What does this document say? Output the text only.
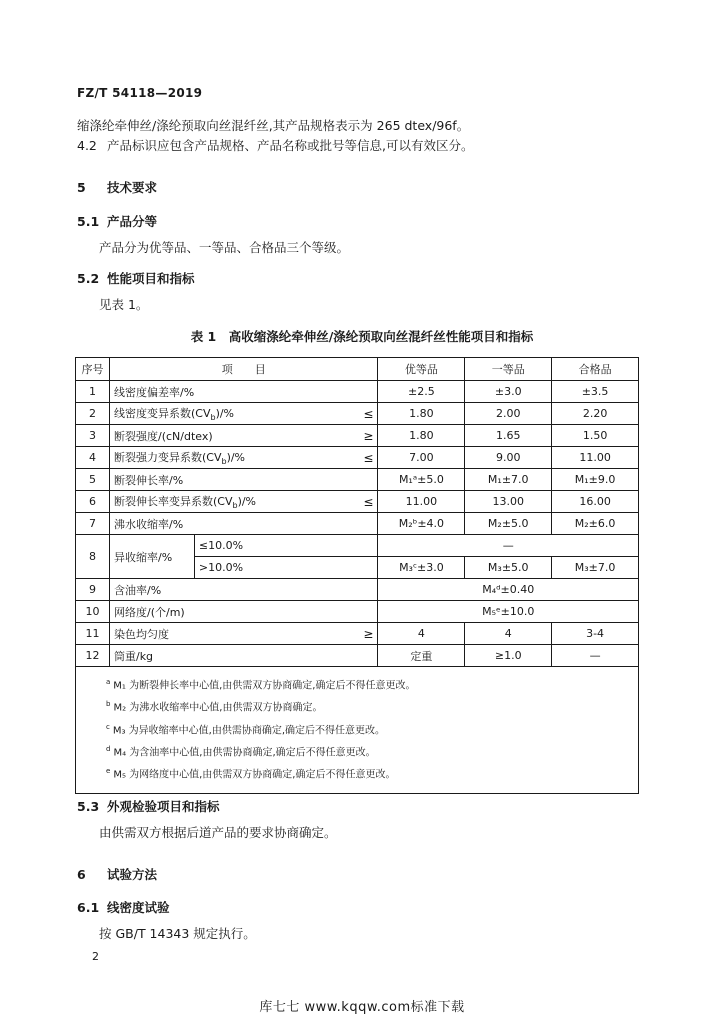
FZ/T 54118—2019
缩涤纶牵伸丝/涤纶预取向丝混纤丝,其产品规格表示为 265 dtex/96f。
4.2 产品标识应包含产品规格、产品名称或批号等信息,可以有效区分。
5 技术要求
5.1 产品分等
产品分为优等品、一等品、合格品三个等级。
5.2 性能项目和指标
见表 1。
表 1　高收缩涤纶牵伸丝/涤纶预取向丝混纤丝性能项目和指标
序号	项　　目		优等品	一等品	合格品
1	线密度偏差率/%		±2.5	±3.0	±3.5
2	线密度变异系数$(CV_b)/\%$ ≤		1.80	2.00	2.20
3	断裂强度/(cN/dtex) ≥		1.80	1.65	1.50
4	断裂强力变异系数$(CV_b)/\%$ ≤		7.00	9.00	11.00
5	断裂伸长率/%		M₁ᵃ±5.0	M₁±7.0	M₁±9.0
6	断裂伸长率变异系数$(CV_b)/\%$ ≤		11.00	13.00	16.00
7	沸水收缩率/%		M₂ᵇ±4.0	M₂±5.0	M₂±6.0
8	异收缩率/%	≤10.0%	—		
		>10.0%	M₃ᶜ±3.0	M₃±5.0	M₃±7.0
9	含油率/%		M₄ᵈ±0.40		
10	网络度/(个/m)		M₅ᵉ±10.0		
11	染色均匀度 ≥		4	4	3-4
12	筒重/kg		定重	≥1.0	—

$^a$ M₁ 为断裂伸长率中心值,由供需双方协商确定,确定后不得任意更改。
$^b$ M₂ 为沸水收缩率中心值,由供需双方协商确定。
$^c$ M₃ 为异收缩率中心值,由供需协商确定,确定后不得任意更改。
$^d$ M₄ 为含油率中心值,由供需协商确定,确定后不得任意更改。
$^e$ M₅ 为网络度中心值,由供需双方协商确定,确定后不得任意更改。					
5.3 外观检验项目和指标
由供需双方根据后道产品的要求协商确定。
6 试验方法
6.1 线密度试验
按 GB/T 14343 规定执行。
2
库七七 www.kqqw.com标准下载
